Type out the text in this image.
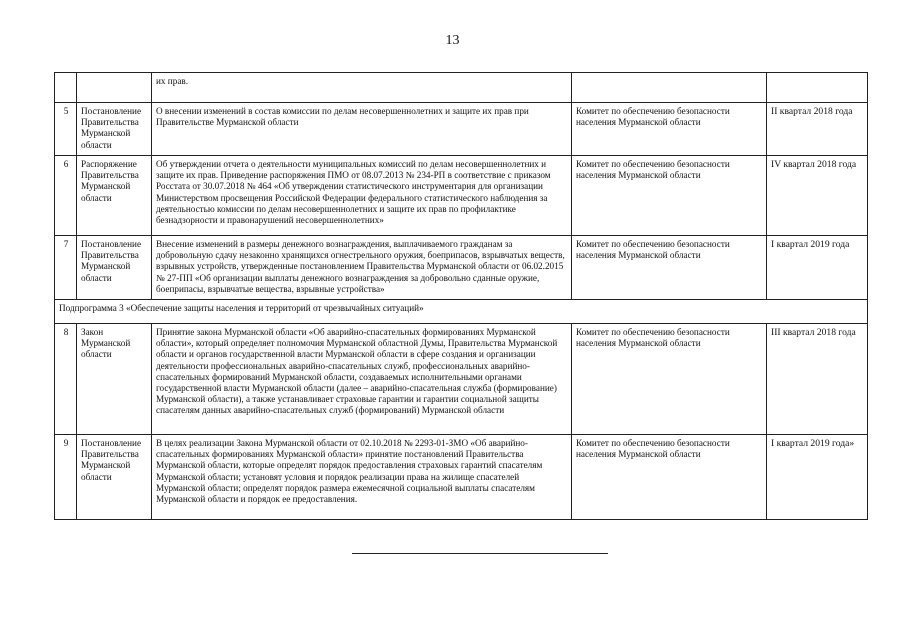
13
		их прав.		
5	Постановление Правительства Мурманской области	О внесении изменений в состав комиссии по делам несовершеннолетних и защите их прав при Правительстве Мурманской области	Комитет по обеспечению безопасности населения Мурманской области	II квартал 2018 года
6	Распоряжение Правительства Мурманской области	Об утверждении отчета о деятельности муниципальных комиссий по делам несовершеннолетних и защите их прав. Приведение распоряжения ПМО от 08.07.2013 № 234-РП в соответствие с приказом Росстата от 30.07.2018 № 464 «Об утверждении статистического инструментария для организации Министерством просвещения Российской Федерации федерального статистического наблюдения за деятельностью комиссии по делам несовершеннолетних и защите их прав по профилактике безнадзорности и правонарушений несовершеннолетних»	Комитет по обеспечению безопасности населения Мурманской области	IV квартал 2018 года
7	Постановление Правительства Мурманской области	Внесение изменений в размеры денежного вознаграждения, выплачиваемого гражданам за добровольную сдачу незаконно хранящихся огнестрельного оружия, боеприпасов, взрывчатых веществ, взрывных устройств, утвержденные постановлением Правительства Мурманской области от 06.02.2015 № 27-ПП «Об организации выплаты денежного вознаграждения за добровольно сданные оружие, боеприпасы, взрывчатые вещества, взрывные устройства»	Комитет по обеспечению безопасности населения Мурманской области	I квартал 2019 года
Подпрограмма 3 «Обеспечение защиты населения и территорий от чрезвычайных ситуаций»				
8	Закон Мурманской области	Принятие закона Мурманской области «Об аварийно-спасательных формированиях Мурманской области», который определяет полномочия Мурманской областной Думы, Правительства Мурманской области и органов государственной власти Мурманской области в сфере создания и организации деятельности профессиональных аварийно-спасательных служб, профессиональных аварийно-спасательных формирований Мурманской области, создаваемых исполнительными органами государственной власти Мурманской области (далее – аварийно-спасательная служба (формирование) Мурманской области), а также устанавливает страховые гарантии и гарантии социальной защиты спасателям данных аварийно-спасательных служб (формирований) Мурманской области	Комитет по обеспечению безопасности населения Мурманской области	III квартал 2018 года
9	Постановление Правительства Мурманской области	В целях реализации Закона Мурманской области от 02.10.2018 № 2293-01-ЗМО «Об аварийно-спасательных формированиях Мурманской области» принятие постановлений Правительства Мурманской области, которые определят порядок предоставления страховых гарантий спасателям Мурманской области; установят условия и порядок реализации права на жилище спасателей Мурманской области; определят порядок размера ежемесячной социальной выплаты спасателям Мурманской области и порядок ее предоставления.	Комитет по обеспечению безопасности населения Мурманской области	I квартал 2019 года»
